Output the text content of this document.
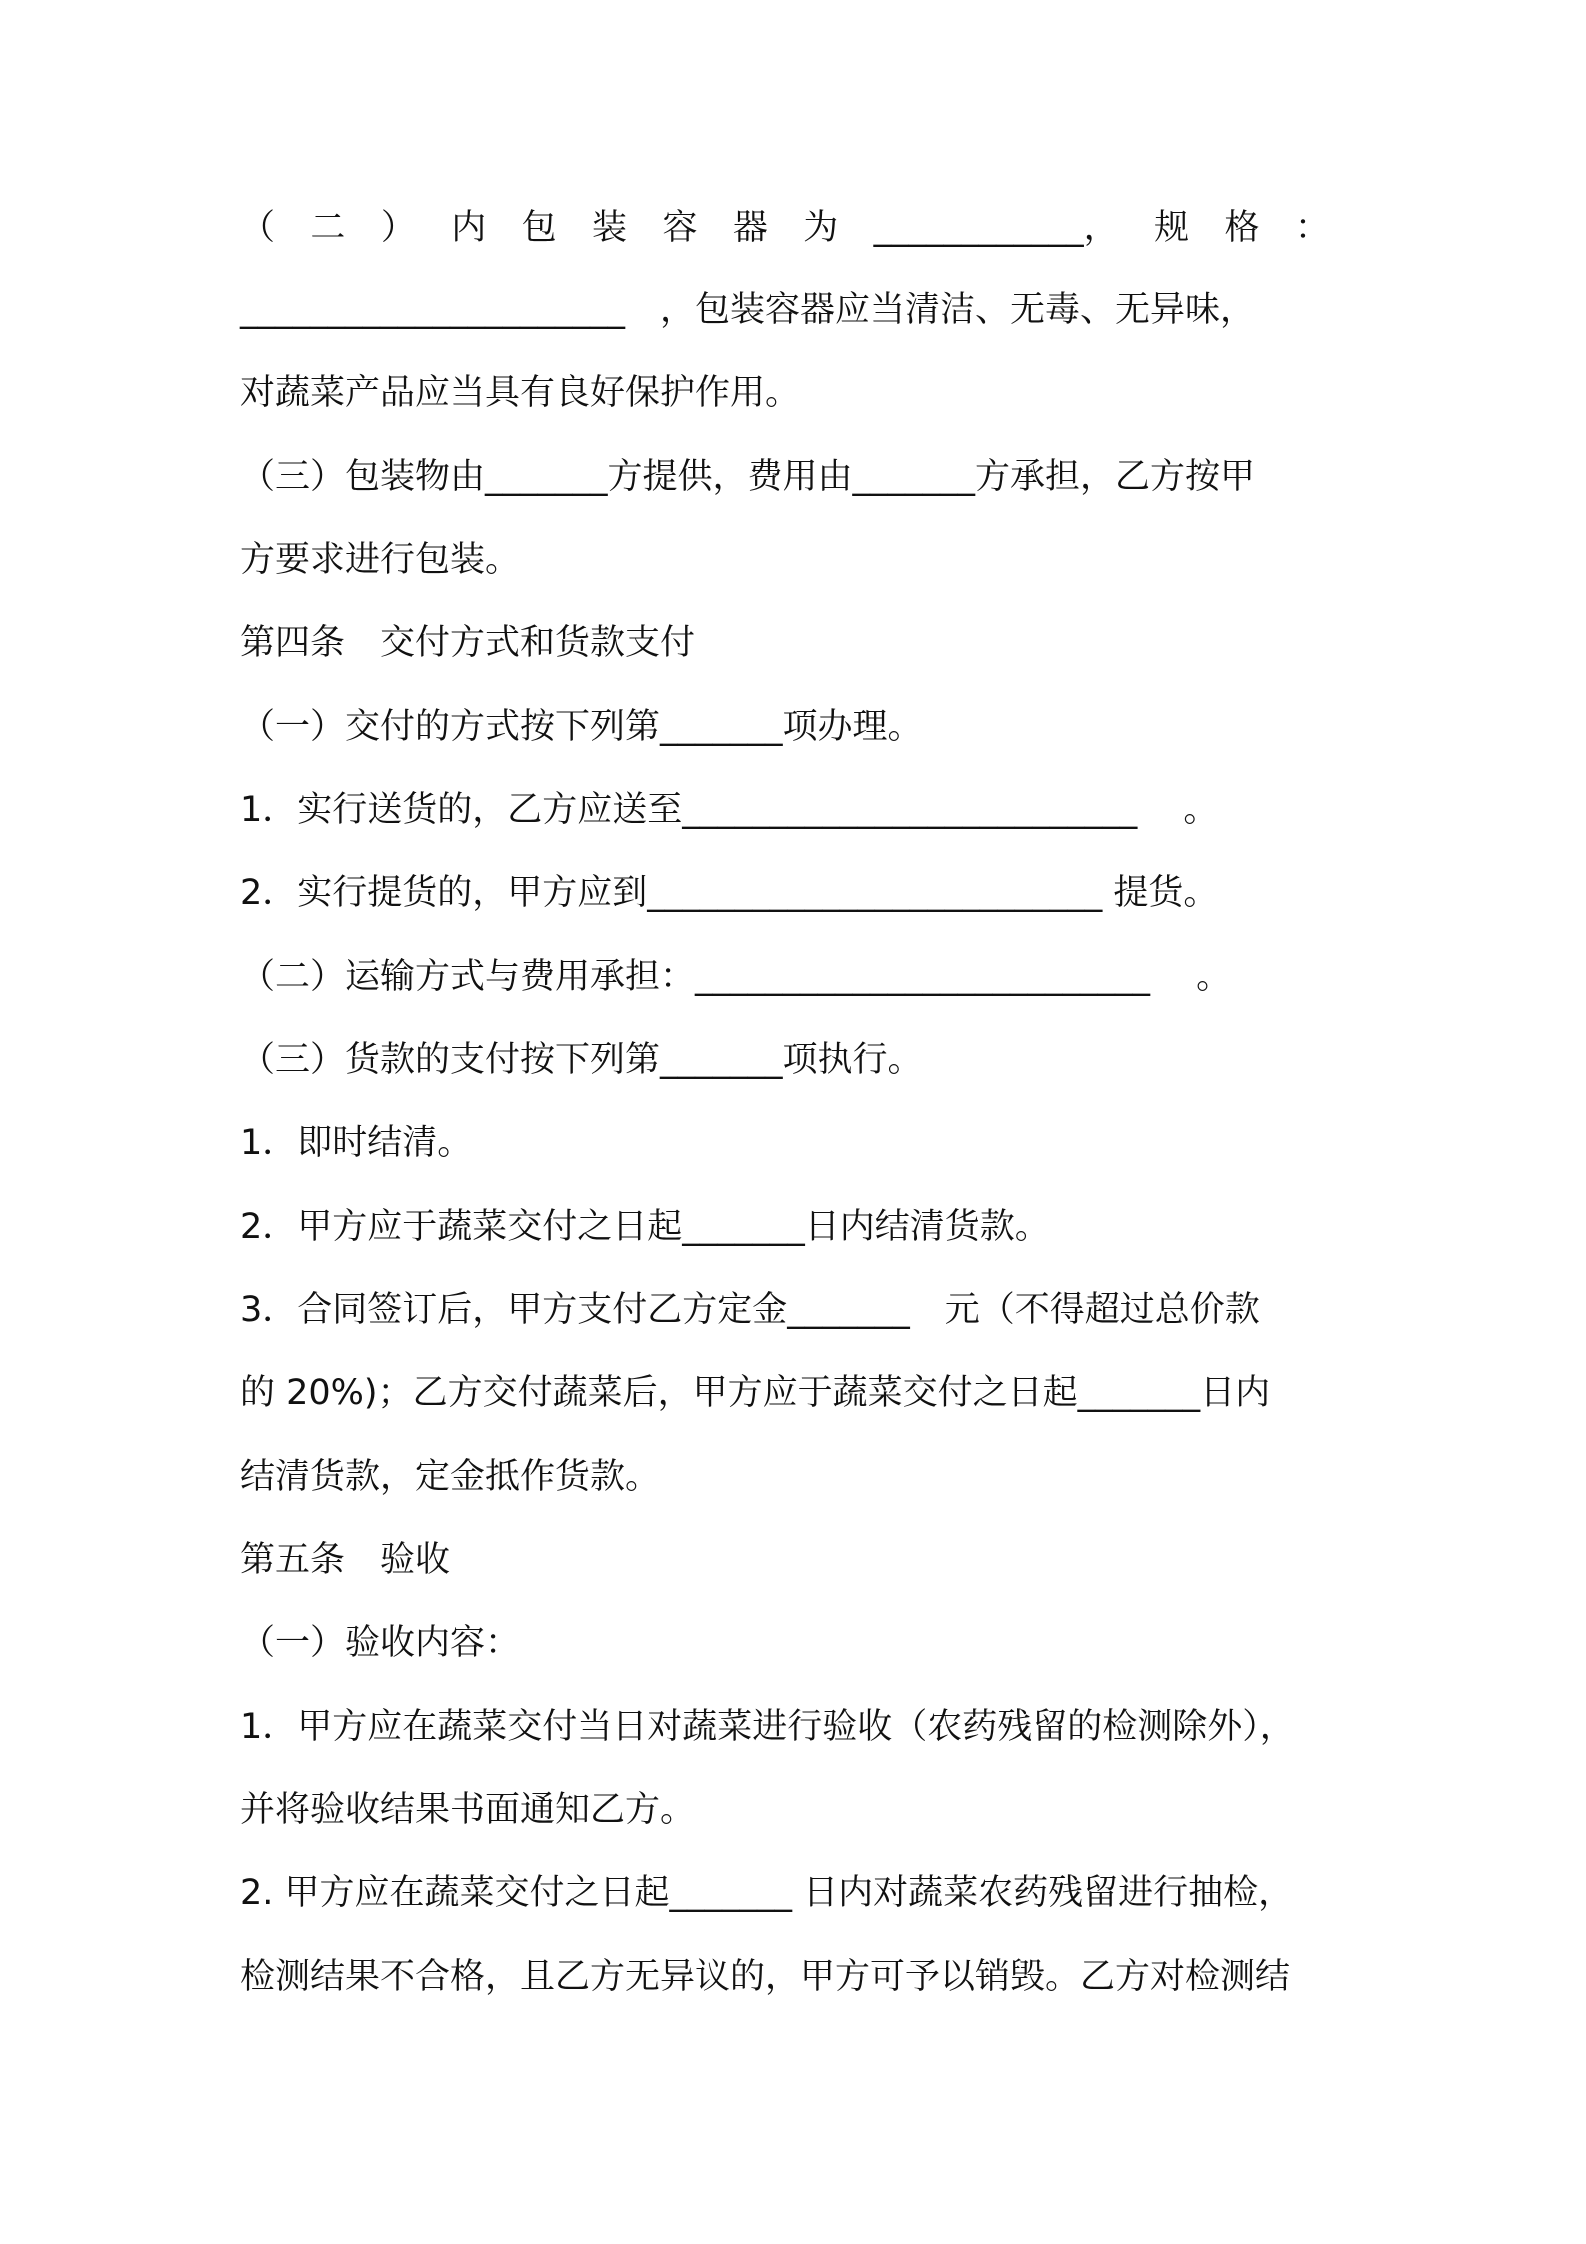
（ 二 ） 内 包 装 容 器 为 ____________， 规 格 ：
______________________　，包装容器应当清洁、无毒、无异味，
对蔬菜产品应当具有良好保护作用。
（三）包装物由_______方提供，费用由_______方承担，乙方按甲
方要求进行包装。
第四条　交付方式和货款支付
（一）交付的方式按下列第_______项办理。
1．实行送货的，乙方应送至__________________________　 。
2．实行提货的，甲方应到__________________________ 提货。
（二）运输方式与费用承担：__________________________　 。
（三）货款的支付按下列第_______项执行。
1．即时结清。
2．甲方应于蔬菜交付之日起_______日内结清货款。
3．合同签订后，甲方支付乙方定金_______　元（不得超过总价款
的 20%)；乙方交付蔬菜后，甲方应于蔬菜交付之日起_______日内
结清货款，定金抵作货款。
第五条　验收
（一）验收内容：
1．甲方应在蔬菜交付当日对蔬菜进行验收（农药残留的检测除外），
并将验收结果书面通知乙方。
2. 甲方应在蔬菜交付之日起_______ 日内对蔬菜农药残留进行抽检，
检测结果不合格，且乙方无异议的，甲方可予以销毁。乙方对检测结
